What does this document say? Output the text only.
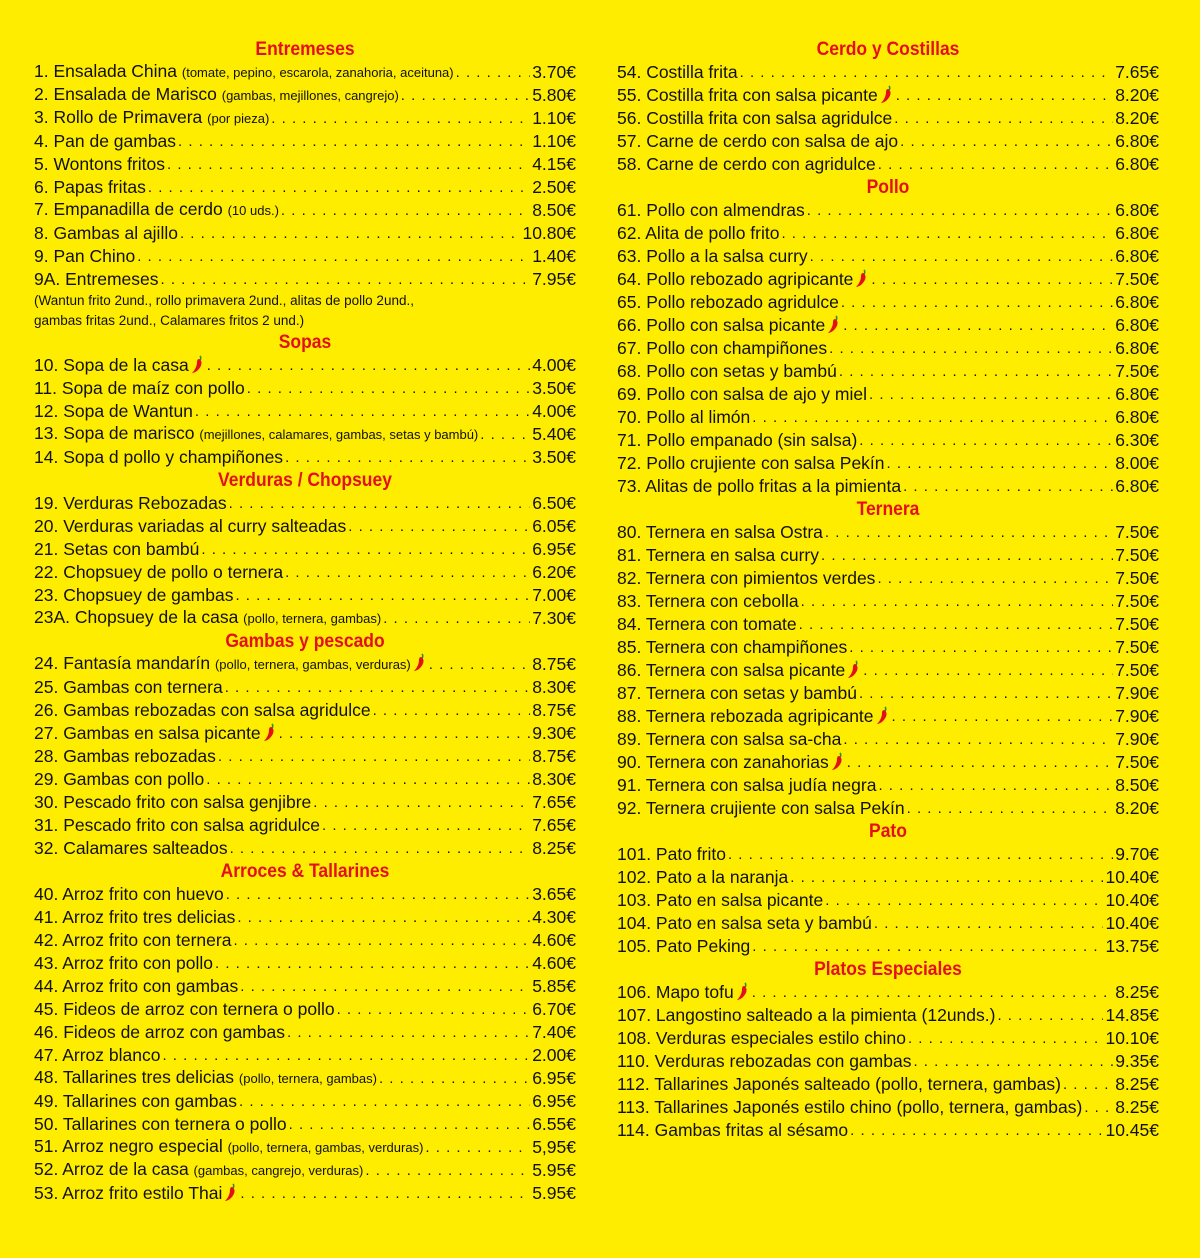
Entremeses
1. Ensalada China (tomate, pepino, escarola, zanahoria, aceituna) . . .	3.70€
2. Ensalada de Marisco (gambas, mejillones, cangrejo) . . .	5.80€
3. Rollo de Primavera (por pieza) . . .	1.10€
4. Pan de gambas . . .	1.10€
5. Wontons fritos . . .	4.15€
6. Papas fritas . . .	2.50€
7. Empanadilla de cerdo (10 uds.) . . .	8.50€
8. Gambas al ajillo . . .	10.80€
9. Pan Chino . . .	1.40€
9A. Entremeses . . .	7.95€
(Wantun frito 2und., rollo primavera 2und., alitas de pollo 2und.,
gambas fritas 2und., Calamares fritos 2 und.)
Sopas
10. Sopa de la casa . . .	4.00€
11. Sopa de maíz con pollo . . .	3.50€
12. Sopa de Wantun . . .	4.00€
13. Sopa de marisco (mejillones, calamares, gambas, setas y bambú) . . .	5.40€
14. Sopa d pollo y champiñones . . .	3.50€
Verduras / Chopsuey
19. Verduras Rebozadas . . .	6.50€
20. Verduras variadas al curry salteadas . . .	6.05€
21. Setas con bambú . . .	6.95€
22. Chopsuey de pollo o ternera . . .	6.20€
23. Chopsuey de gambas . . .	7.00€
23A. Chopsuey de la casa (pollo, ternera, gambas) . . .	7.30€
Gambas y pescado
24. Fantasía mandarín (pollo, ternera, gambas, verduras) . . .	8.75€
25. Gambas con ternera . . .	8.30€
26. Gambas rebozadas con salsa agridulce . . .	8.75€
27. Gambas en salsa picante . . .	9.30€
28. Gambas rebozadas . . .	8.75€
29. Gambas con pollo . . .	8.30€
30. Pescado frito con salsa genjibre . . .	7.65€
31. Pescado frito con salsa agridulce . . .	7.65€
32. Calamares salteados . . .	8.25€
Arroces & Tallarines
40. Arroz frito con huevo . . .	3.65€
41. Arroz frito tres delicias . . .	4.30€
42. Arroz frito con ternera . . .	4.60€
43. Arroz frito con pollo . . .	4.60€
44. Arroz frito con gambas . . .	5.85€
45. Fideos de arroz con ternera o pollo . . .	6.70€
46. Fideos de arroz con gambas . . .	7.40€
47. Arroz blanco . . .	2.00€
48. Tallarines tres delicias (pollo, ternera, gambas) . . .	6.95€
49. Tallarines con gambas . . .	6.95€
50. Tallarines con ternera o pollo . . .	6.55€
51. Arroz negro especial (pollo, ternera, gambas, verduras) . . .	5,95€
52. Arroz de la casa (gambas, cangrejo, verduras) . . .	5.95€
53. Arroz frito estilo Thai . . .	5.95€
Cerdo y Costillas
54. Costilla frita . . .	7.65€
55. Costilla frita con salsa picante . . .	8.20€
56. Costilla frita con salsa agridulce . . .	8.20€
57. Carne de cerdo con salsa de ajo . . .	6.80€
58. Carne de cerdo con agridulce . . .	6.80€
Pollo
61. Pollo con almendras . . .	6.80€
62. Alita de pollo frito . . .	6.80€
63. Pollo a la salsa curry . . .	6.80€
64. Pollo rebozado agripicante . . .	7.50€
65. Pollo rebozado agridulce . . .	6.80€
66. Pollo con salsa picante . . .	6.80€
67. Pollo con champiñones . . .	6.80€
68. Pollo con setas y bambú . . .	7.50€
69. Pollo con salsa de ajo y miel . . .	6.80€
70. Pollo al limón . . .	6.80€
71. Pollo empanado (sin salsa) . . .	6.30€
72. Pollo crujiente con salsa Pekín . . .	8.00€
73. Alitas de pollo fritas a la pimienta . . .	6.80€
Ternera
80. Ternera en salsa Ostra . . .	7.50€
81. Ternera en salsa curry . . .	7.50€
82. Ternera con pimientos verdes . . .	7.50€
83. Ternera con cebolla . . .	7.50€
84. Ternera con tomate . . .	7.50€
85. Ternera con champiñones . . .	7.50€
86. Ternera con salsa picante . . .	7.50€
87. Ternera con setas y bambú . . .	7.90€
88. Ternera rebozada agripicante . . .	7.90€
89. Ternera con salsa sa-cha . . .	7.90€
90. Ternera con zanahorias . . .	7.50€
91. Ternera con salsa judía negra . . .	8.50€
92. Ternera crujiente con salsa Pekín . . .	8.20€
Pato
101. Pato frito . . .	9.70€
102. Pato a la naranja . . .	10.40€
103. Pato en salsa picante . . .	10.40€
104. Pato en salsa seta y bambú . . .	10.40€
105. Pato Peking . . .	13.75€
Platos Especiales
106. Mapo tofu . . .	8.25€
107. Langostino salteado a la pimienta (12unds.) . . .	14.85€
108. Verduras especiales estilo chino . . .	10.10€
110. Verduras rebozadas con gambas . . .	9.35€
112. Tallarines Japonés salteado (pollo, ternera, gambas) . . .	8.25€
113. Tallarines Japonés estilo chino (pollo, ternera, gambas) . . . 8.25€
114. Gambas fritas al sésamo . . .	10.45€
